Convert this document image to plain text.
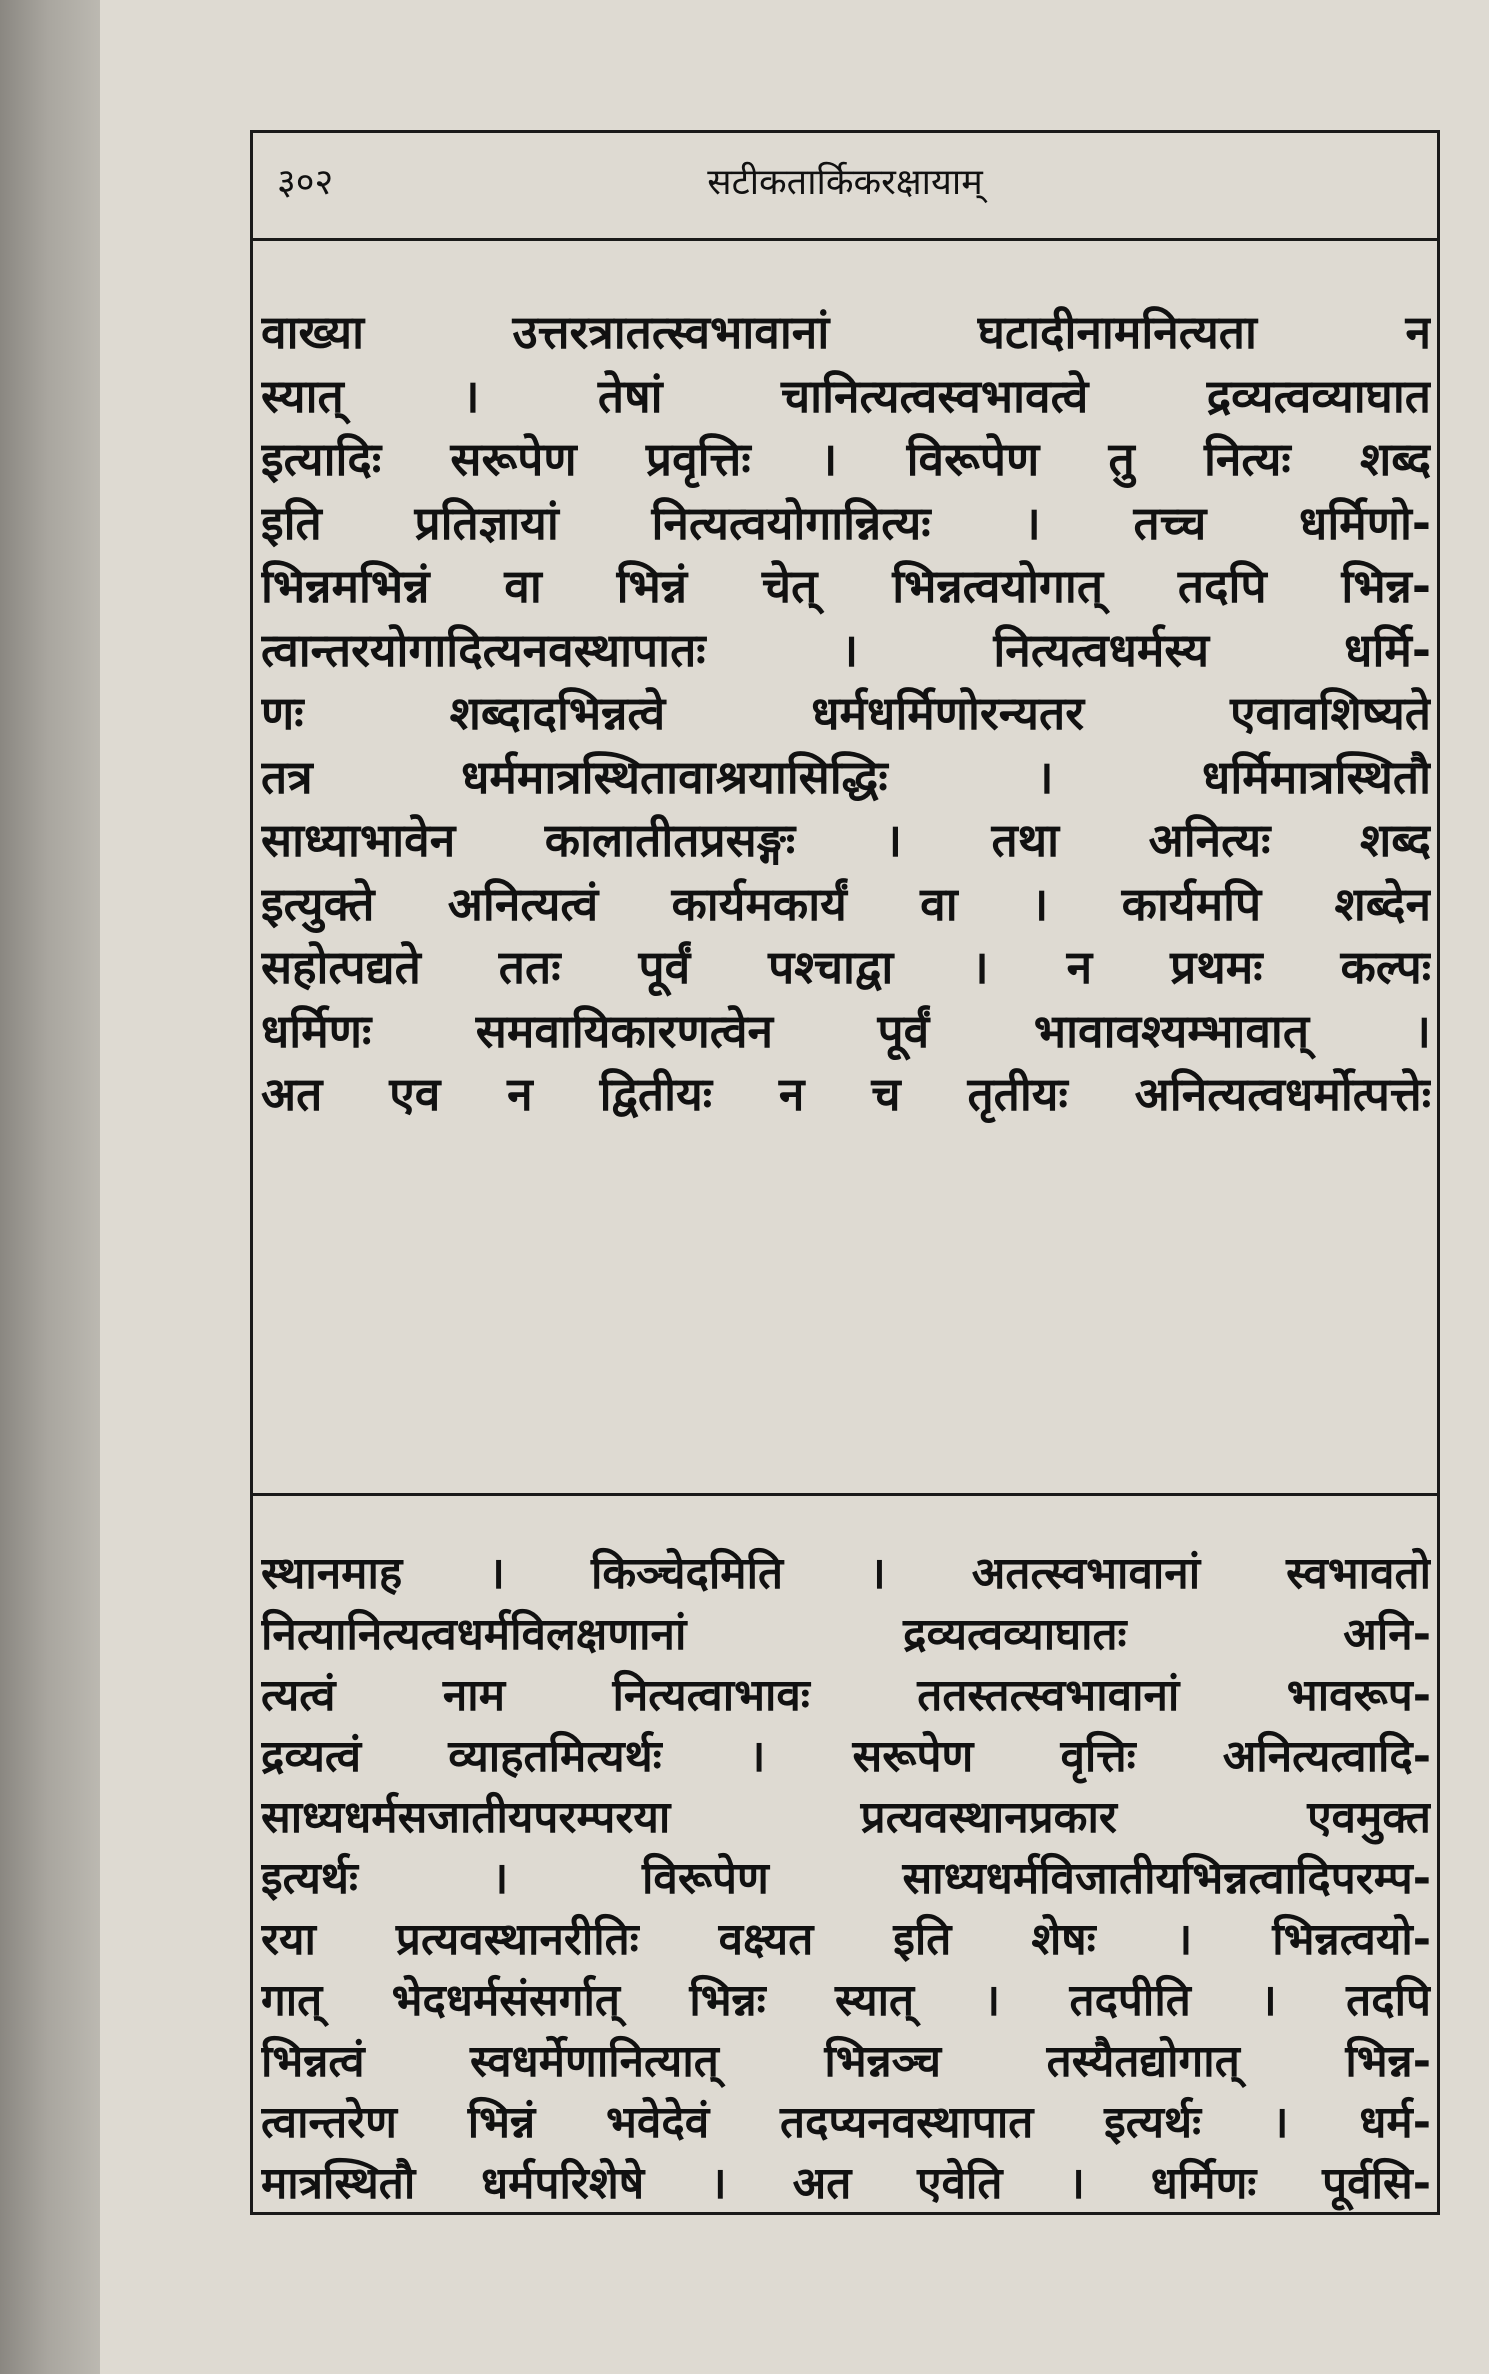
३०२	सटीकतार्किकरक्षायाम्
वाख्या उत्तरत्रातत्स्वभावानां घटादीनामनित्यता न
स्यात् । तेषां चानित्यत्वस्वभावत्वे द्रव्यत्वव्याघात
इत्यादिः सरूपेण प्रवृत्तिः । विरूपेण तु नित्यः शब्द
इति प्रतिज्ञायां नित्यत्वयोगान्नित्यः । तच्च धर्मिणो-
भिन्नमभिन्नं वा भिन्नं चेत् भिन्नत्वयोगात् तदपि भिन्न-
त्वान्तरयोगादित्यनवस्थापातः । नित्यत्वधर्मस्य धर्मि-
णः शब्दादभिन्नत्वे धर्मधर्मिणोरन्यतर एवावशिष्यते
तत्र धर्ममात्रस्थितावाश्रयासिद्धिः । धर्मिमात्रस्थितौ
साध्याभावेन कालातीतप्रसङ्गः । तथा अनित्यः शब्द
इत्युक्ते अनित्यत्वं कार्यमकार्यं वा । कार्यमपि शब्देन
सहोत्पद्यते ततः पूर्वं पश्चाद्वा । न प्रथमः कल्पः
धर्मिणः समवायिकारणत्वेन पूर्वं भावावश्यम्भावात् ।
अत एव न द्वितीयः न च तृतीयः अनित्यत्वधर्मोत्पत्तेः
स्थानमाह । किञ्चेदमिति । अतत्स्वभावानां स्वभावतो
नित्यानित्यत्वधर्मविलक्षणानां द्रव्यत्वव्याघातः अनि-
त्यत्वं नाम नित्यत्वाभावः ततस्तत्स्वभावानां भावरूप-
द्रव्यत्वं व्याहतमित्यर्थः । सरूपेण वृत्तिः अनित्यत्वादि-
साध्यधर्मसजातीयपरम्परया प्रत्यवस्थानप्रकार एवमुक्त
इत्यर्थः । विरूपेण साध्यधर्मविजातीयभिन्नत्वादिपरम्प-
रया प्रत्यवस्थानरीतिः वक्ष्यत इति शेषः । भिन्नत्वयो-
गात् भेदधर्मसंसर्गात् भिन्नः स्यात् । तदपीति । तदपि
भिन्नत्वं स्वधर्मेणानित्यात् भिन्नञ्च तस्यैतद्योगात् भिन्न-
त्वान्तरेण भिन्नं भवेदेवं तदप्यनवस्थापात इत्यर्थः । धर्म-
मात्रस्थितौ धर्मपरिशेषे । अत एवेति । धर्मिणः पूर्वसि-
